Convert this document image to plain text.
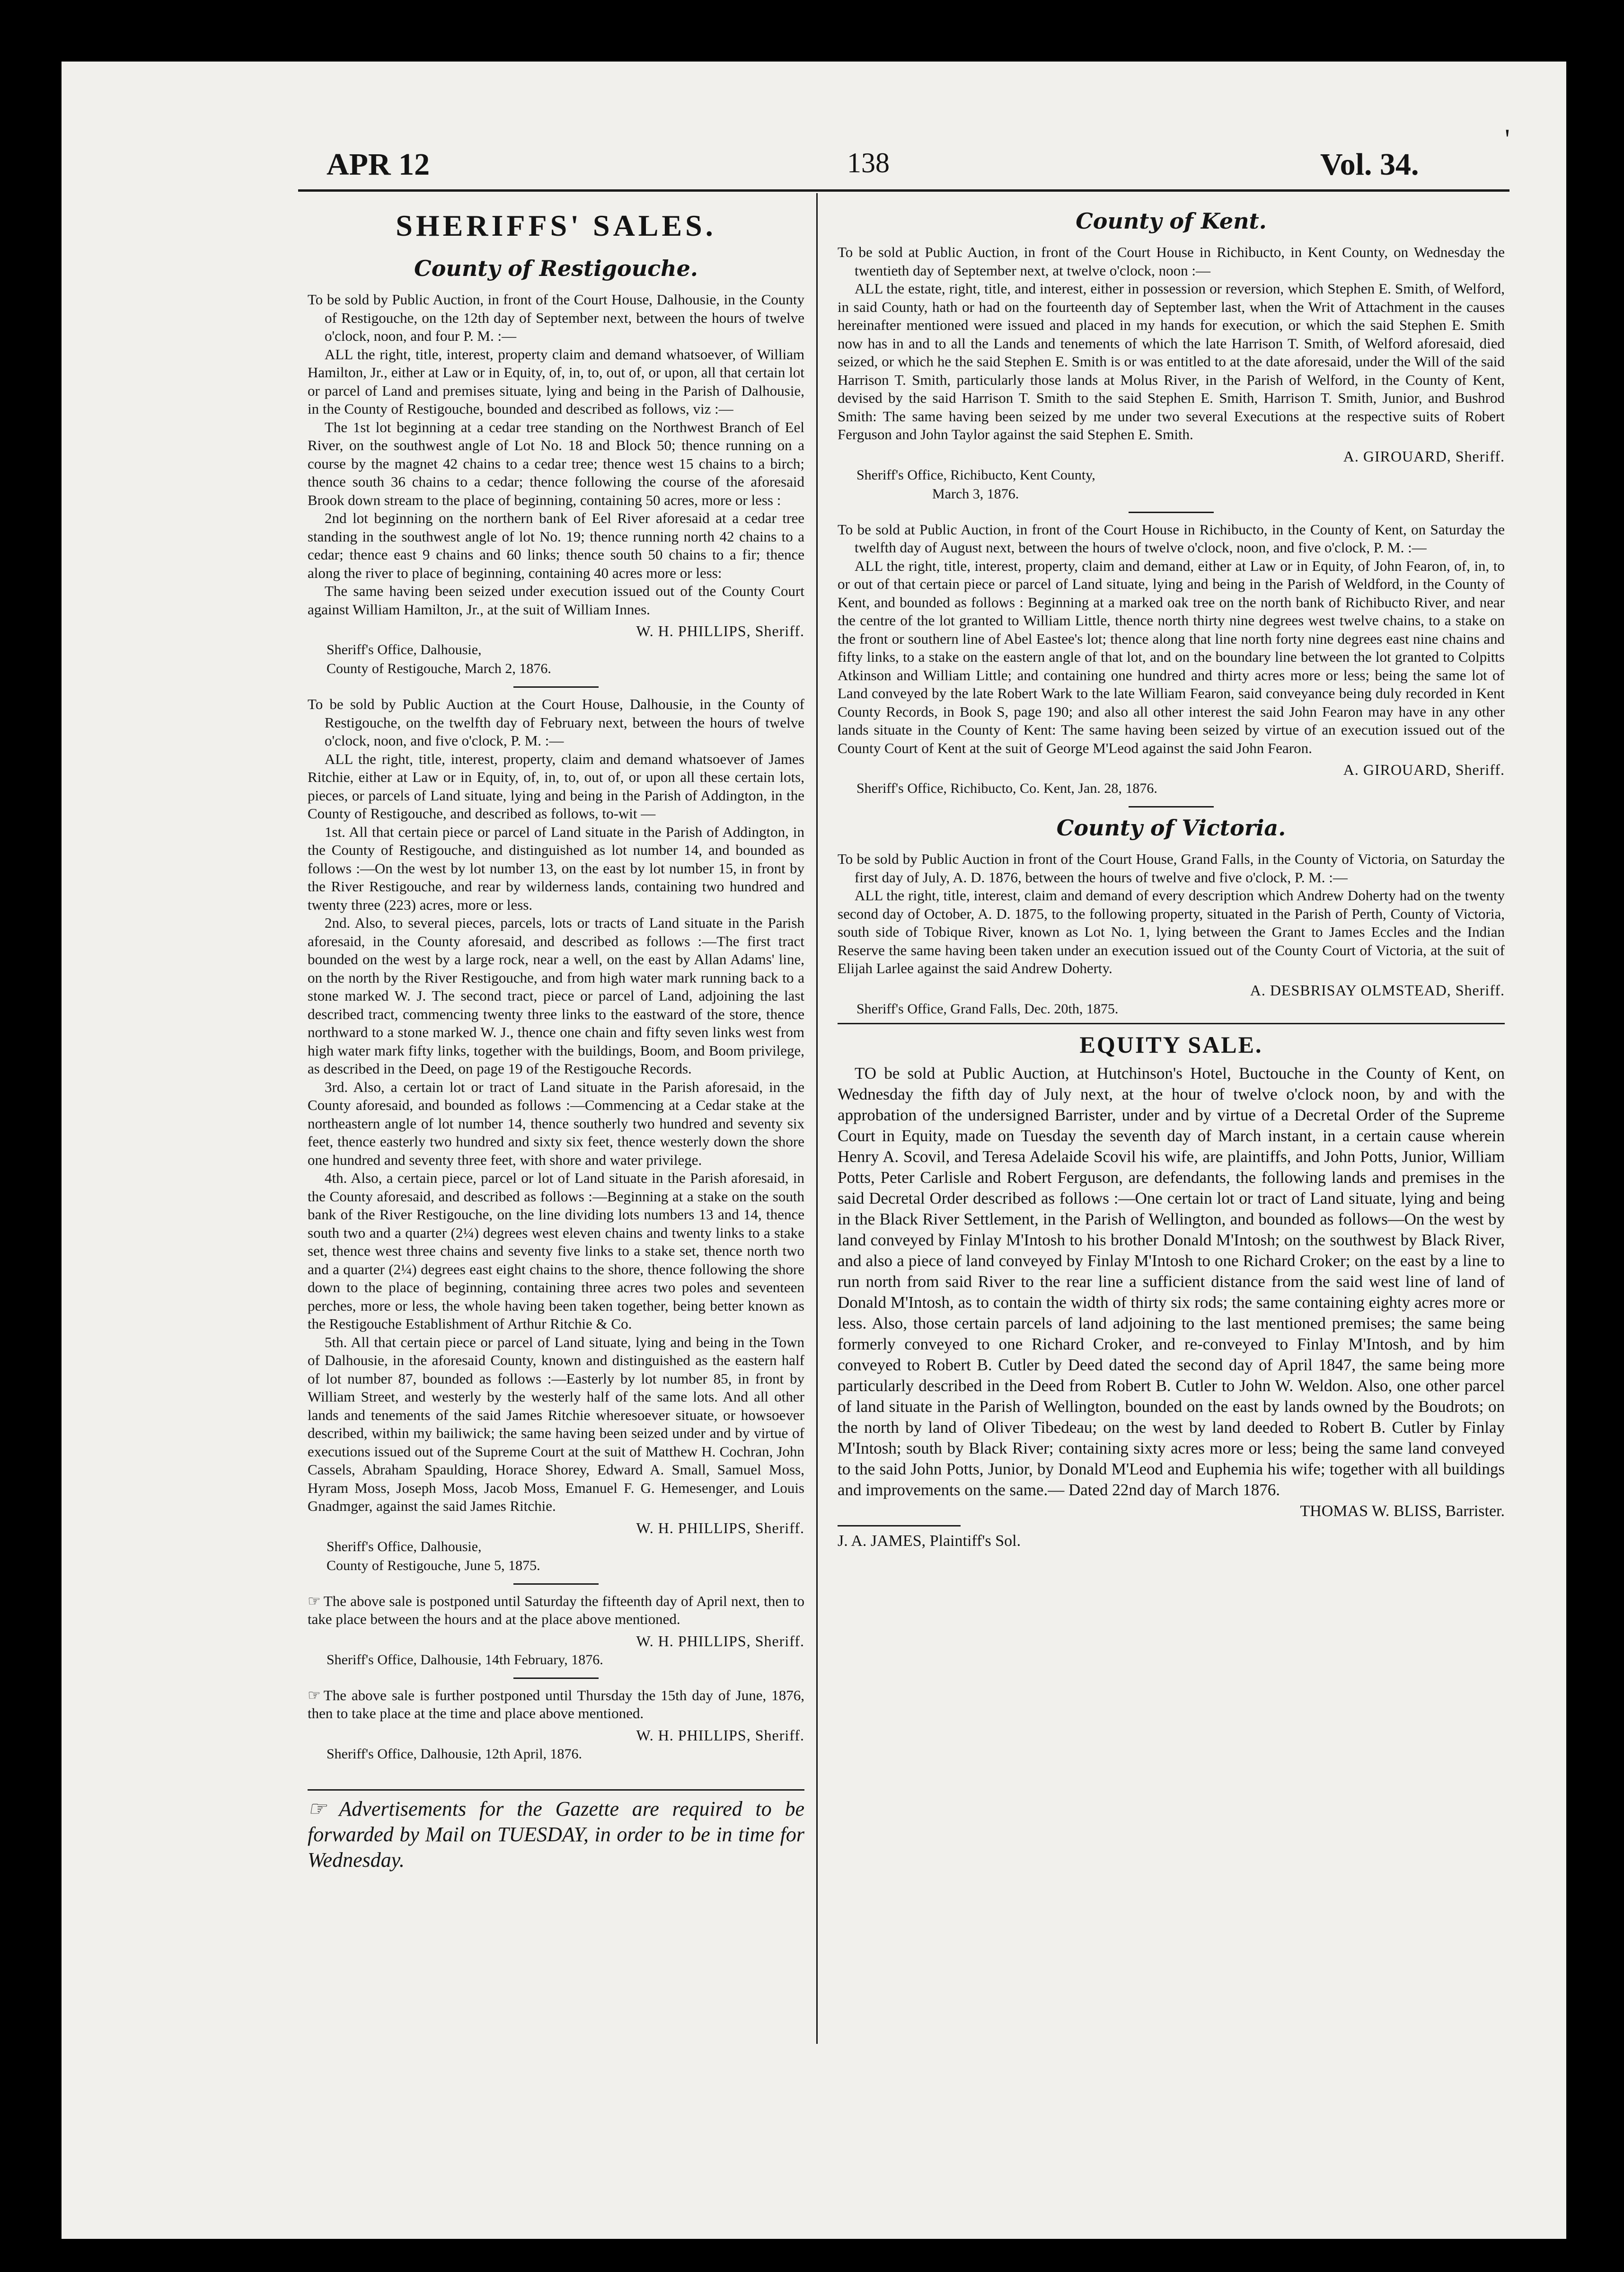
APR 12	138	Vol. 34.
'
SHERIFFS' SALES.
County of Restigouche.

To be sold by Public Auction, in front of the Court House, Dalhousie, in the County of Restigouche, on the 12th day of September next, between the hours of twelve o'clock, noon, and four P. M. :—

ALL the right, title, interest, property claim and demand whatsoever, of William Hamilton, Jr., either at Law or in Equity, of, in, to, out of, or upon, all that certain lot or parcel of Land and premises situate, lying and being in the Parish of Dalhousie, in the County of Restigouche, bounded and described as follows, viz :—

The 1st lot beginning at a cedar tree standing on the Northwest Branch of Eel River, on the southwest angle of Lot No. 18 and Block 50; thence running on a course by the magnet 42 chains to a cedar tree; thence west 15 chains to a birch; thence south 36 chains to a cedar; thence following the course of the aforesaid Brook down stream to the place of beginning, containing 50 acres, more or less :

2nd lot beginning on the northern bank of Eel River aforesaid at a cedar tree standing in the southwest angle of lot No. 19; thence running north 42 chains to a cedar; thence east 9 chains and 60 links; thence south 50 chains to a fir; thence along the river to place of beginning, containing 40 acres more or less:

The same having been seized under execution issued out of the County Court against William Hamilton, Jr., at the suit of William Innes.

W. H. PHILLIPS, Sheriff.
Sheriff's Office, Dalhousie,
County of Restigouche, March 2, 1876.

To be sold by Public Auction at the Court House, Dalhousie, in the County of Restigouche, on the twelfth day of February next, between the hours of twelve o'clock, noon, and five o'clock, P. M. :—

ALL the right, title, interest, property, claim and demand whatsoever of James Ritchie, either at Law or in Equity, of, in, to, out of, or upon all these certain lots, pieces, or parcels of Land situate, lying and being in the Parish of Addington, in the County of Restigouche, and described as follows, to-wit —

1st. All that certain piece or parcel of Land situate in the Parish of Addington, in the County of Restigouche, and distinguished as lot number 14, and bounded as follows :—On the west by lot number 13, on the east by lot number 15, in front by the River Restigouche, and rear by wilderness lands, containing two hundred and twenty three (223) acres, more or less.

2nd. Also, to several pieces, parcels, lots or tracts of Land situate in the Parish aforesaid, in the County aforesaid, and described as follows :—The first tract bounded on the west by a large rock, near a well, on the east by Allan Adams' line, on the north by the River Restigouche, and from high water mark running back to a stone marked W. J. The second tract, piece or parcel of Land, adjoining the last described tract, commencing twenty three links to the eastward of the store, thence northward to a stone marked W. J., thence one chain and fifty seven links west from high water mark fifty links, together with the buildings, Boom, and Boom privilege, as described in the Deed, on page 19 of the Restigouche Records.

3rd. Also, a certain lot or tract of Land situate in the Parish aforesaid, in the County aforesaid, and bounded as follows :—Commencing at a Cedar stake at the northeastern angle of lot number 14, thence southerly two hundred and seventy six feet, thence easterly two hundred and sixty six feet, thence westerly down the shore one hundred and seventy three feet, with shore and water privilege.

4th. Also, a certain piece, parcel or lot of Land situate in the Parish aforesaid, in the County aforesaid, and described as follows :—Beginning at a stake on the south bank of the River Restigouche, on the line dividing lots numbers 13 and 14, thence south two and a quarter (2¼) degrees west eleven chains and twenty links to a stake set, thence west three chains and seventy five links to a stake set, thence north two and a quarter (2¼) degrees east eight chains to the shore, thence following the shore down to the place of beginning, containing three acres two poles and seventeen perches, more or less, the whole having been taken together, being better known as the Restigouche Establishment of Arthur Ritchie & Co.

5th. All that certain piece or parcel of Land situate, lying and being in the Town of Dalhousie, in the aforesaid County, known and distinguished as the eastern half of lot number 87, bounded as follows :—Easterly by lot number 85, in front by William Street, and westerly by the westerly half of the same lots. And all other lands and tenements of the said James Ritchie wheresoever situate, or howsoever described, within my bailiwick; the same having been seized under and by virtue of executions issued out of the Supreme Court at the suit of Matthew H. Cochran, John Cassels, Abraham Spaulding, Horace Shorey, Edward A. Small, Samuel Moss, Hyram Moss, Joseph Moss, Jacob Moss, Emanuel F. G. Hemesenger, and Louis Gnadmger, against the said James Ritchie.

W. H. PHILLIPS, Sheriff.
Sheriff's Office, Dalhousie,
County of Restigouche, June 5, 1875.

☞ The above sale is postponed until Saturday the fifteenth day of April next, then to take place between the hours and at the place above mentioned.

W. H. PHILLIPS, Sheriff.
Sheriff's Office, Dalhousie, 14th February, 1876.

☞ The above sale is further postponed until Thursday the 15th day of June, 1876, then to take place at the time and place above mentioned.

W. H. PHILLIPS, Sheriff.
Sheriff's Office, Dalhousie, 12th April, 1876.
☞ Advertisements for the Gazette are required to be forwarded by Mail on TUESDAY, in order to be in time for Wednesday.
County of Kent.

To be sold at Public Auction, in front of the Court House in Richibucto, in Kent County, on Wednesday the twentieth day of September next, at twelve o'clock, noon :—

ALL the estate, right, title, and interest, either in possession or reversion, which Stephen E. Smith, of Welford, in said County, hath or had on the fourteenth day of September last, when the Writ of Attachment in the causes hereinafter mentioned were issued and placed in my hands for execution, or which the said Stephen E. Smith now has in and to all the Lands and tenements of which the late Harrison T. Smith, of Welford aforesaid, died seized, or which he the said Stephen E. Smith is or was entitled to at the date aforesaid, under the Will of the said Harrison T. Smith, particularly those lands at Molus River, in the Parish of Welford, in the County of Kent, devised by the said Harrison T. Smith to the said Stephen E. Smith, Harrison T. Smith, Junior, and Bushrod Smith: The same having been seized by me under two several Executions at the respective suits of Robert Ferguson and John Taylor against the said Stephen E. Smith.

A. GIROUARD, Sheriff.
Sheriff's Office, Richibucto, Kent County,
March 3, 1876.

To be sold at Public Auction, in front of the Court House in Richibucto, in the County of Kent, on Saturday the twelfth day of August next, between the hours of twelve o'clock, noon, and five o'clock, P. M. :—

ALL the right, title, interest, property, claim and demand, either at Law or in Equity, of John Fearon, of, in, to or out of that certain piece or parcel of Land situate, lying and being in the Parish of Weldford, in the County of Kent, and bounded as follows : Beginning at a marked oak tree on the north bank of Richibucto River, and near the centre of the lot granted to William Little, thence north thirty nine degrees west twelve chains, to a stake on the front or southern line of Abel Eastee's lot; thence along that line north forty nine degrees east nine chains and fifty links, to a stake on the eastern angle of that lot, and on the boundary line between the lot granted to Colpitts Atkinson and William Little; and containing one hundred and thirty acres more or less; being the same lot of Land conveyed by the late Robert Wark to the late William Fearon, said conveyance being duly recorded in Kent County Records, in Book S, page 190; and also all other interest the said John Fearon may have in any other lands situate in the County of Kent: The same having been seized by virtue of an execution issued out of the County Court of Kent at the suit of George M'Leod against the said John Fearon.

A. GIROUARD, Sheriff.
Sheriff's Office, Richibucto, Co. Kent, Jan. 28, 1876.
County of Victoria.

To be sold by Public Auction in front of the Court House, Grand Falls, in the County of Victoria, on Saturday the first day of July, A. D. 1876, between the hours of twelve and five o'clock, P. M. :—

ALL the right, title, interest, claim and demand of every description which Andrew Doherty had on the twenty second day of October, A. D. 1875, to the following property, situated in the Parish of Perth, County of Victoria, south side of Tobique River, known as Lot No. 1, lying between the Grant to James Eccles and the Indian Reserve the same having been taken under an execution issued out of the County Court of Victoria, at the suit of Elijah Larlee against the said Andrew Doherty.

A. DESBRISAY OLMSTEAD, Sheriff.
Sheriff's Office, Grand Falls, Dec. 20th, 1875.
EQUITY SALE.

TO be sold at Public Auction, at Hutchinson's Hotel, Buctouche in the County of Kent, on Wednesday the fifth day of July next, at the hour of twelve o'clock noon, by and with the approbation of the undersigned Barrister, under and by virtue of a Decretal Order of the Supreme Court in Equity, made on Tuesday the seventh day of March instant, in a certain cause wherein Henry A. Scovil, and Teresa Adelaide Scovil his wife, are plaintiffs, and John Potts, Junior, William Potts, Peter Carlisle and Robert Ferguson, are defendants, the following lands and premises in the said Decretal Order described as follows :—One certain lot or tract of Land situate, lying and being in the Black River Settlement, in the Parish of Wellington, and bounded as follows—On the west by land conveyed by Finlay M'Intosh to his brother Donald M'Intosh; on the southwest by Black River, and also a piece of land conveyed by Finlay M'Intosh to one Richard Croker; on the east by a line to run north from said River to the rear line a sufficient distance from the said west line of land of Donald M'Intosh, as to contain the width of thirty six rods; the same containing eighty acres more or less. Also, those certain parcels of land adjoining to the last mentioned premises; the same being formerly conveyed to one Richard Croker, and re-conveyed to Finlay M'Intosh, and by him conveyed to Robert B. Cutler by Deed dated the second day of April 1847, the same being more particularly described in the Deed from Robert B. Cutler to John W. Weldon. Also, one other parcel of land situate in the Parish of Wellington, bounded on the east by lands owned by the Boudrots; on the north by land of Oliver Tibedeau; on the west by land deeded to Robert B. Cutler by Finlay M'Intosh; south by Black River; containing sixty acres more or less; being the same land conveyed to the said John Potts, Junior, by Donald M'Leod and Euphemia his wife; together with all buildings and improvements on the same.— Dated 22nd day of March 1876.

THOMAS W. BLISS, Barrister.
J. A. JAMES, Plaintiff's Sol.
